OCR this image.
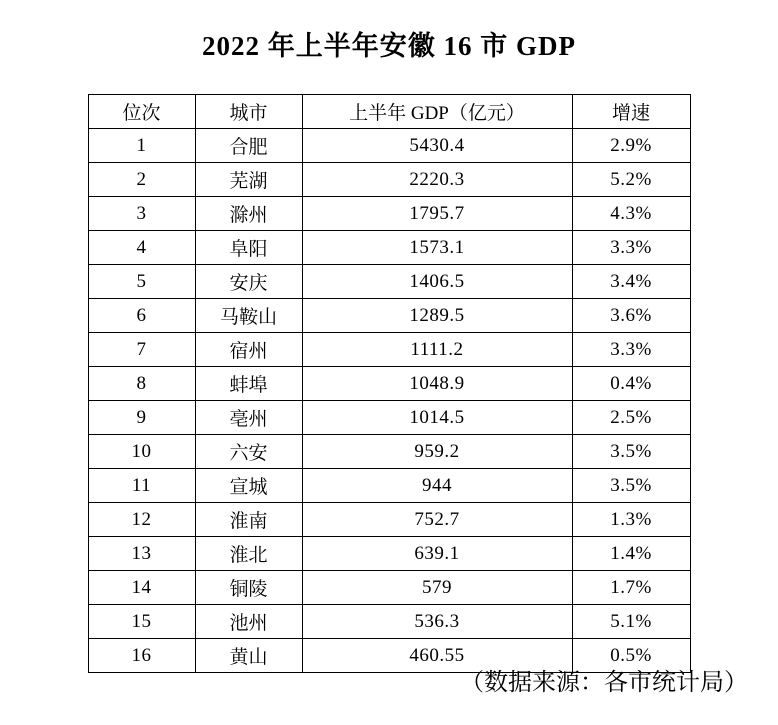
2022 年上半年安徽 16 市 GDP
位次	城市	上半年 GDP（亿元）	增速
1	合肥	5430.4	2.9%
2	芜湖	2220.3	5.2%
3	滁州	1795.7	4.3%
4	阜阳	1573.1	3.3%
5	安庆	1406.5	3.4%
6	马鞍山	1289.5	3.6%
7	宿州	1111.2	3.3%
8	蚌埠	1048.9	0.4%
9	亳州	1014.5	2.5%
10	六安	959.2	3.5%
11	宣城	944	3.5%
12	淮南	752.7	1.3%
13	淮北	639.1	1.4%
14	铜陵	579	1.7%
15	池州	536.3	5.1%
16	黄山	460.55	0.5%
（数据来源：各市统计局）
